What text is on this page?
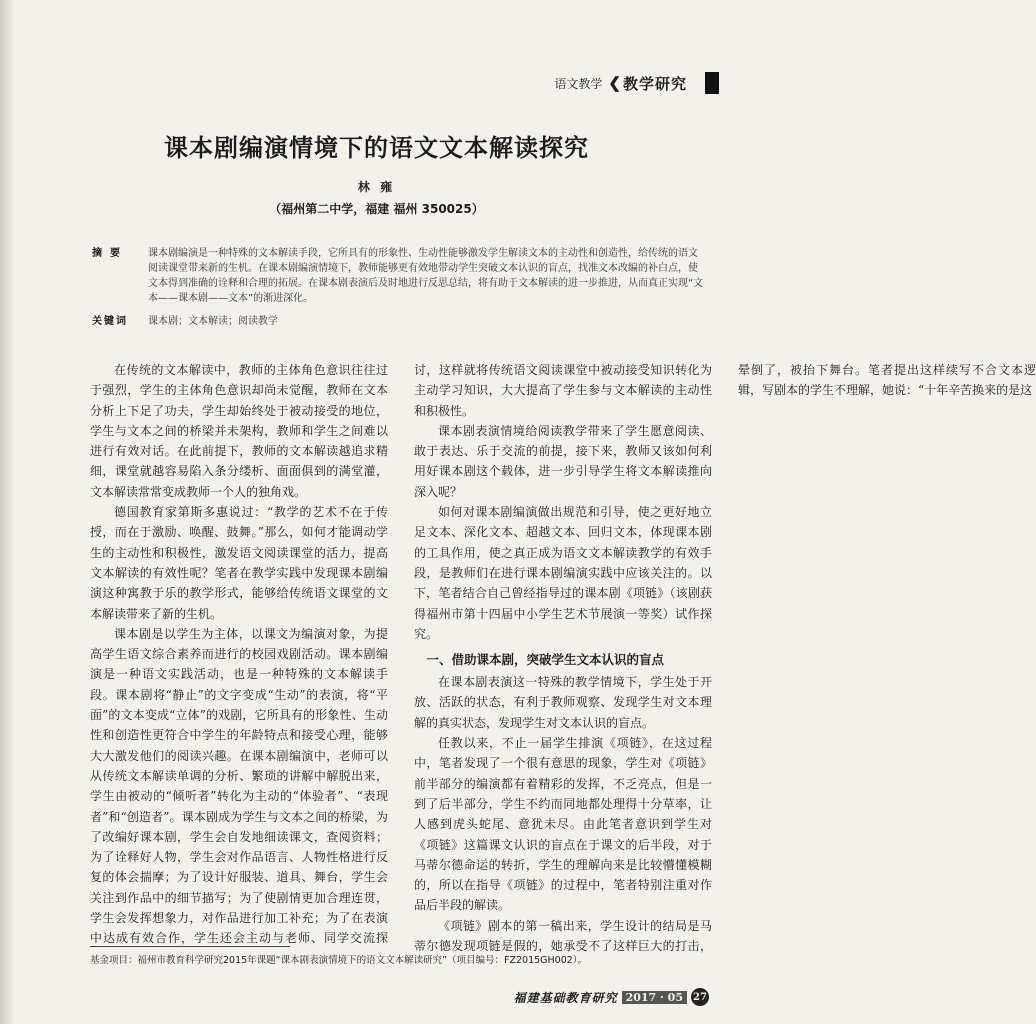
语文教学 ❮ 教学研究
课本剧编演情境下的语文文本解读探究
林 雍
（福州第二中学，福建 福州 350025）
摘要	课本剧编演是一种特殊的文本解读手段，它所具有的形象性、生动性能够激发学生解读文本的主动性和创造性，给传统的语文阅读课堂带来新的生机。在课本剧编演情境下，教师能够更有效地带动学生突破文本认识的盲点，找准文本改编的补白点，使文本得到准确的诠释和合理的拓展。在课本剧表演后及时地进行反思总结，将有助于文本解读的进一步推进，从而真正实现“文本——课本剧——文本”的渐进深化。
关键词	课本剧；文本解读；阅读教学

在传统的文本解读中，教师的主体角色意识往往过于强烈，学生的主体角色意识却尚未觉醒，教师在文本分析上下足了功夫，学生却始终处于被动接受的地位，学生与文本之间的桥梁并未架构，教师和学生之间难以进行有效对话。在此前提下，教师的文本解读越追求精细，课堂就越容易陷入条分缕析、面面俱到的满堂灌，文本解读常常变成教师一个人的独角戏。

德国教育家第斯多惠说过：“教学的艺术不在于传授，而在于激励、唤醒、鼓舞。”那么，如何才能调动学生的主动性和积极性，激发语文阅读课堂的活力，提高文本解读的有效性呢？笔者在教学实践中发现课本剧编演这种寓教于乐的教学形式，能够给传统语文课堂的文本解读带来了新的生机。

课本剧是以学生为主体，以课文为编演对象，为提高学生语文综合素养而进行的校园戏剧活动。课本剧编演是一种语文实践活动，也是一种特殊的文本解读手段。课本剧将“静止”的文字变成“生动”的表演，将“平面”的文本变成“立体”的戏剧，它所具有的形象性、生动性和创造性更符合中学生的年龄特点和接受心理，能够大大激发他们的阅读兴趣。在课本剧编演中，老师可以从传统文本解读单调的分析、繁琐的讲解中解脱出来，学生由被动的“倾听者”转化为主动的“体验者”、“表现者”和“创造者”。课本剧成为学生与文本之间的桥梁，为了改编好课本剧，学生会自发地细读课文，查阅资料；为了诠释好人物，学生会对作品语言、人物性格进行反复的体会揣摩；为了设计好服装、道具、舞台，学生会关注到作品中的细节描写；为了使剧情更加合理连贯，学生会发挥想象力，对作品进行加工补充；为了在表演中达成有效合作，学生还会主动与老师、同学交流探讨，这样就将传统语文阅读课堂中被动接受知识转化为主动学习知识，大大提高了学生参与文本解读的主动性和积极性。

课本剧表演情境给阅读教学带来了学生愿意阅读、敢于表达、乐于交流的前提，接下来，教师又该如何利用好课本剧这个载体，进一步引导学生将文本解读推向深入呢？

如何对课本剧编演做出规范和引导，使之更好地立足文本、深化文本、超越文本、回归文本，体现课本剧的工具作用，使之真正成为语文文本解读教学的有效手段，是教师们在进行课本剧编演实践中应该关注的。以下，笔者结合自己曾经指导过的课本剧《项链》（该剧获得福州市第十四届中小学生艺术节展演一等奖）试作探究。

一、借助课本剧，突破学生文本认识的盲点

在课本剧表演这一特殊的教学情境下，学生处于开放、活跃的状态，有利于教师观察、发现学生对文本理解的真实状态，发现学生对文本认识的盲点。

任教以来，不止一届学生排演《项链》，在这过程中，笔者发现了一个很有意思的现象，学生对《项链》前半部分的编演都有着精彩的发挥，不乏亮点，但是一到了后半部分，学生不约而同地都处理得十分草率，让人感到虎头蛇尾、意犹未尽。由此笔者意识到学生对《项链》这篇课文认识的盲点在于课文的后半段，对于马蒂尔德命运的转折，学生的理解向来是比较懵懂模糊的，所以在指导《项链》的过程中，笔者特别注重对作品后半段的解读。

《项链》剧本的第一稿出来，学生设计的结局是马蒂尔德发现项链是假的，她承受不了这样巨大的打击，晕倒了，被抬下舞台。笔者提出这样续写不合文本逻辑，写剧本的学生不理解，她说：“十年辛苦换来的是这

基金项目：福州市教育科学研究2015年课题“课本剧表演情境下的语文文本解读研究”（项目编号：FZ2015GH002）。
福建基础教育研究 2017 · 05	27
